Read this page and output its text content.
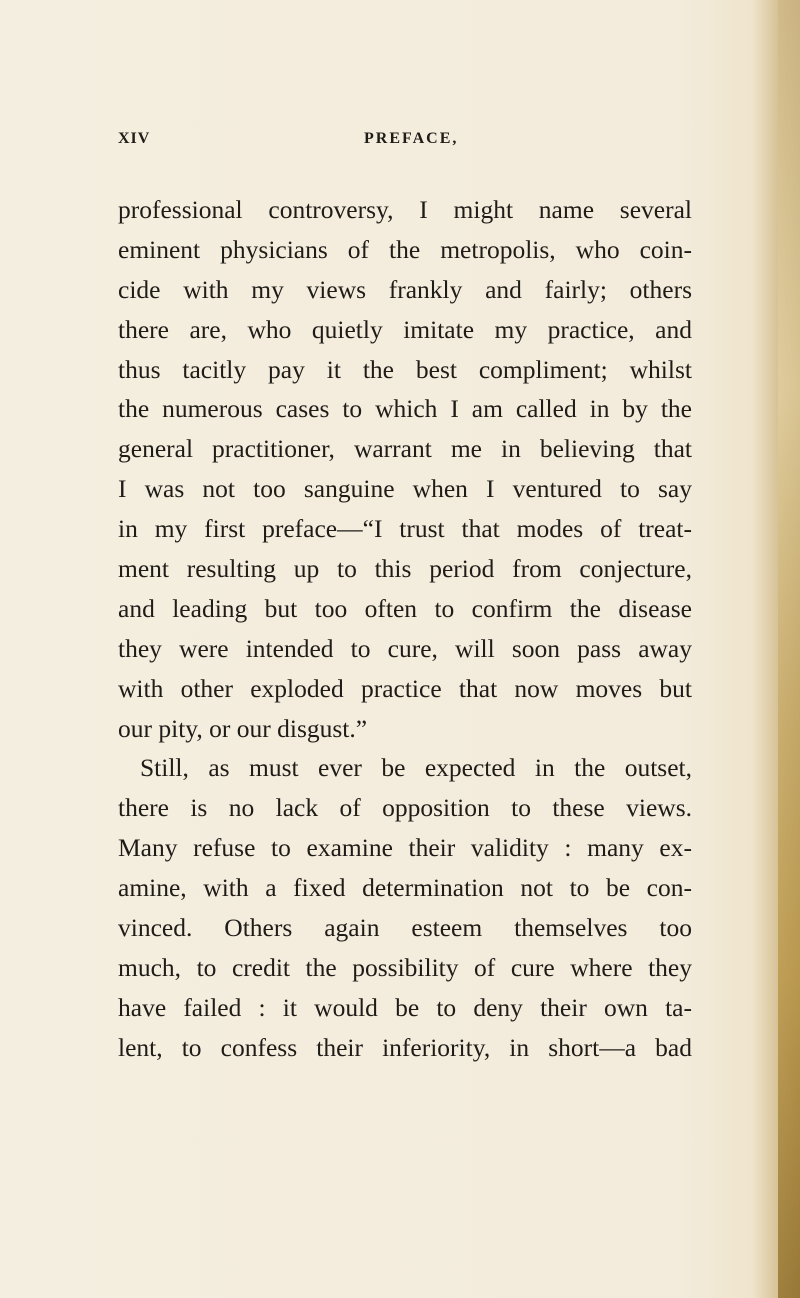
XIV	PREFACE,
professional controversy, I might name several
eminent physicians of the metropolis, who coin-
cide with my views frankly and fairly; others
there are, who quietly imitate my practice, and
thus tacitly pay it the best compliment; whilst
the numerous cases to which I am called in by the
general practitioner, warrant me in believing that
I was not too sanguine when I ventured to say
in my first preface—“I trust that modes of treat-
ment resulting up to this period from conjecture,
and leading but too often to confirm the disease
they were intended to cure, will soon pass away
with other exploded practice that now moves but
our pity, or our disgust.”
Still, as must ever be expected in the outset,
there is no lack of opposition to these views.
Many refuse to examine their validity : many ex-
amine, with a fixed determination not to be con-
vinced. Others again esteem themselves too
much, to credit the possibility of cure where they
have failed : it would be to deny their own ta-
lent, to confess their inferiority, in short—a bad
